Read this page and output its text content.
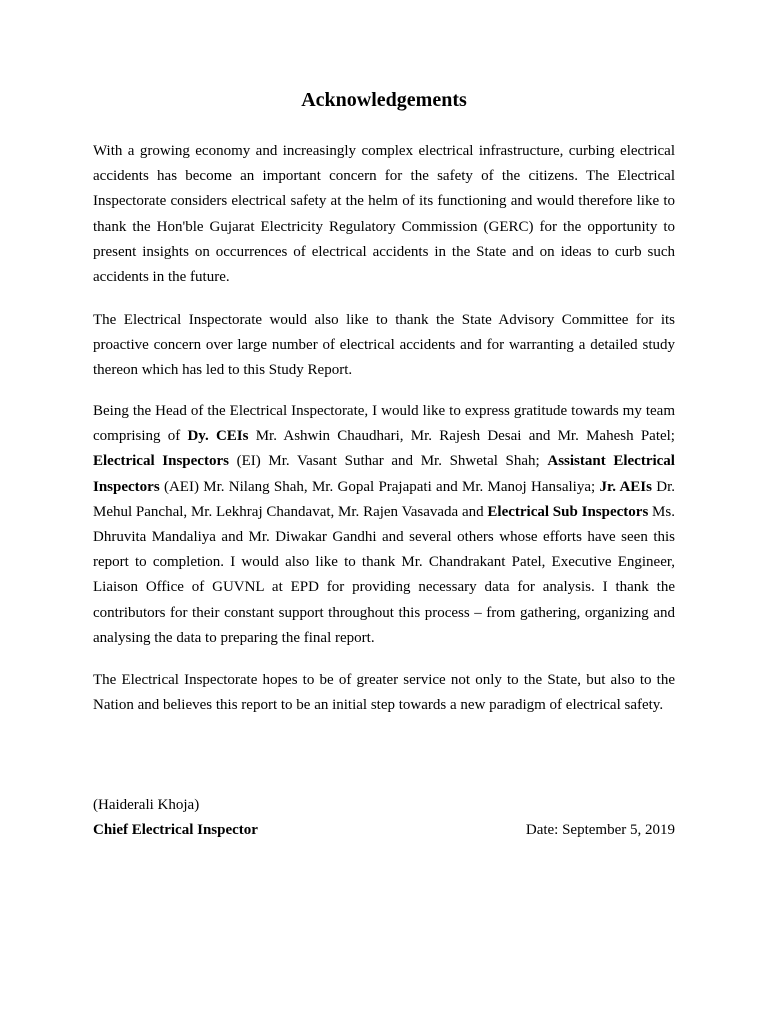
Acknowledgements

With a growing economy and increasingly complex electrical infrastructure, curbing electrical accidents has become an important concern for the safety of the citizens. The Electrical Inspectorate considers electrical safety at the helm of its functioning and would therefore like to thank the Hon'ble Gujarat Electricity Regulatory Commission (GERC) for the opportunity to present insights on occurrences of electrical accidents in the State and on ideas to curb such accidents in the future.

The Electrical Inspectorate would also like to thank the State Advisory Committee for its proactive concern over large number of electrical accidents and for warranting a detailed study thereon which has led to this Study Report.

Being the Head of the Electrical Inspectorate, I would like to express gratitude towards my team comprising of Dy. CEIs Mr. Ashwin Chaudhari, Mr. Rajesh Desai and Mr. Mahesh Patel; Electrical Inspectors (EI) Mr. Vasant Suthar and Mr. Shwetal Shah; Assistant Electrical Inspectors (AEI) Mr. Nilang Shah, Mr. Gopal Prajapati and Mr. Manoj Hansaliya; Jr. AEIs Dr. Mehul Panchal, Mr. Lekhraj Chandavat, Mr. Rajen Vasavada and Electrical Sub Inspectors Ms. Dhruvita Mandaliya and Mr. Diwakar Gandhi and several others whose efforts have seen this report to completion. I would also like to thank Mr. Chandrakant Patel, Executive Engineer, Liaison Office of GUVNL at EPD for providing necessary data for analysis. I thank the contributors for their constant support throughout this process – from gathering, organizing and analysing the data to preparing the final report.

The Electrical Inspectorate hopes to be of greater service not only to the State, but also to the Nation and believes this report to be an initial step towards a new paradigm of electrical safety.

(Haiderali Khoja)

Chief Electrical Inspector	Date: September 5, 2019
